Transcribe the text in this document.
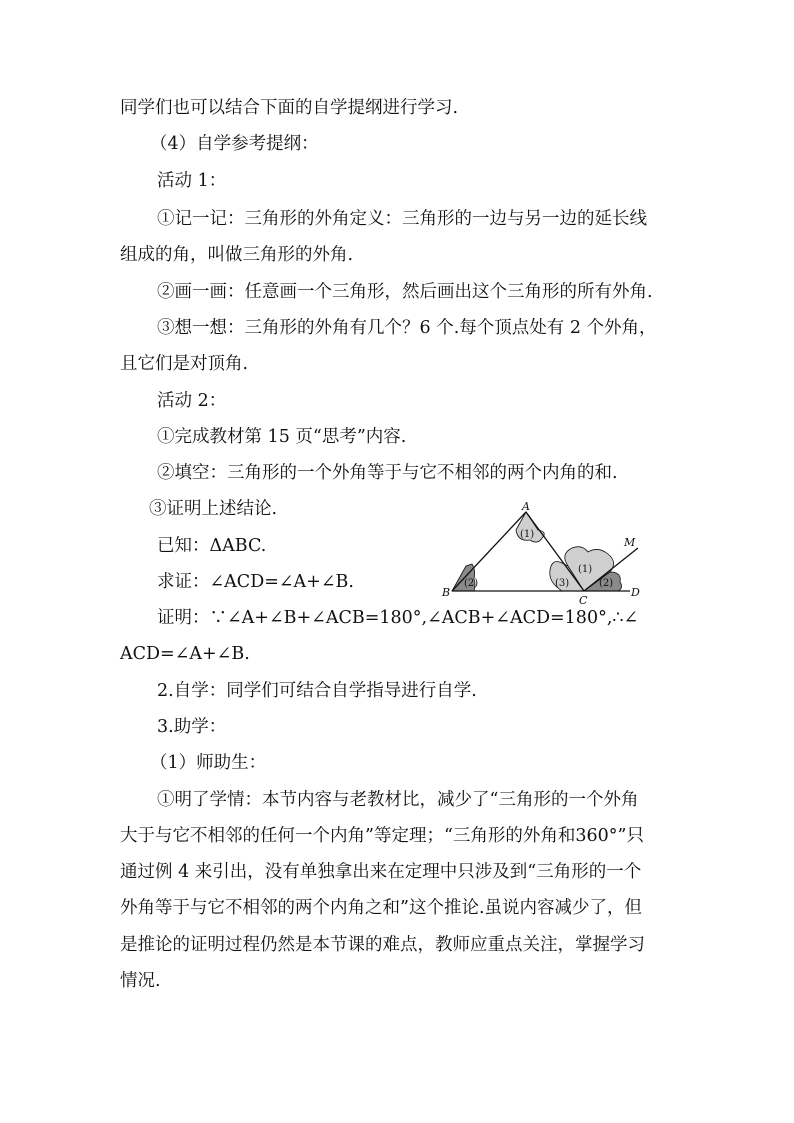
同学们也可以结合下面的自学提纲进行学习.
（4）自学参考提纲：
活动 1：
①记一记：三角形的外角定义：三角形的一边与另一边的延长线
组成的角，叫做三角形的外角.
②画一画：任意画一个三角形，然后画出这个三角形的所有外角.
③想一想：三角形的外角有几个？6 个.每个顶点处有 2 个外角，
且它们是对顶角.
活动 2：
①完成教材第 15 页“思考”内容.
②填空：三角形的一个外角等于与它不相邻的两个内角的和.
③证明上述结论.
已知：ΔABC.
求证：∠ACD=∠A+∠B.
证明：∵∠A+∠B+∠ACB=180°,∠ACB+∠ACD=180°,∴∠
ACD=∠A+∠B.
2.自学：同学们可结合自学指导进行自学.
3.助学：
（1）师助生：
①明了学情：本节内容与老教材比，减少了“三角形的一个外角
大于与它不相邻的任何一个内角”等定理；“三角形的外角和360°”只
通过例 4 来引出，没有单独拿出来在定理中只涉及到“三角形的一个
外角等于与它不相邻的两个内角之和”这个推论.虽说内容减少了，但
是推论的证明过程仍然是本节课的难点，教师应重点关注，掌握学习
情况.
A
B
C
D
M
(1)
(2)	(3)
(1)
(2)
